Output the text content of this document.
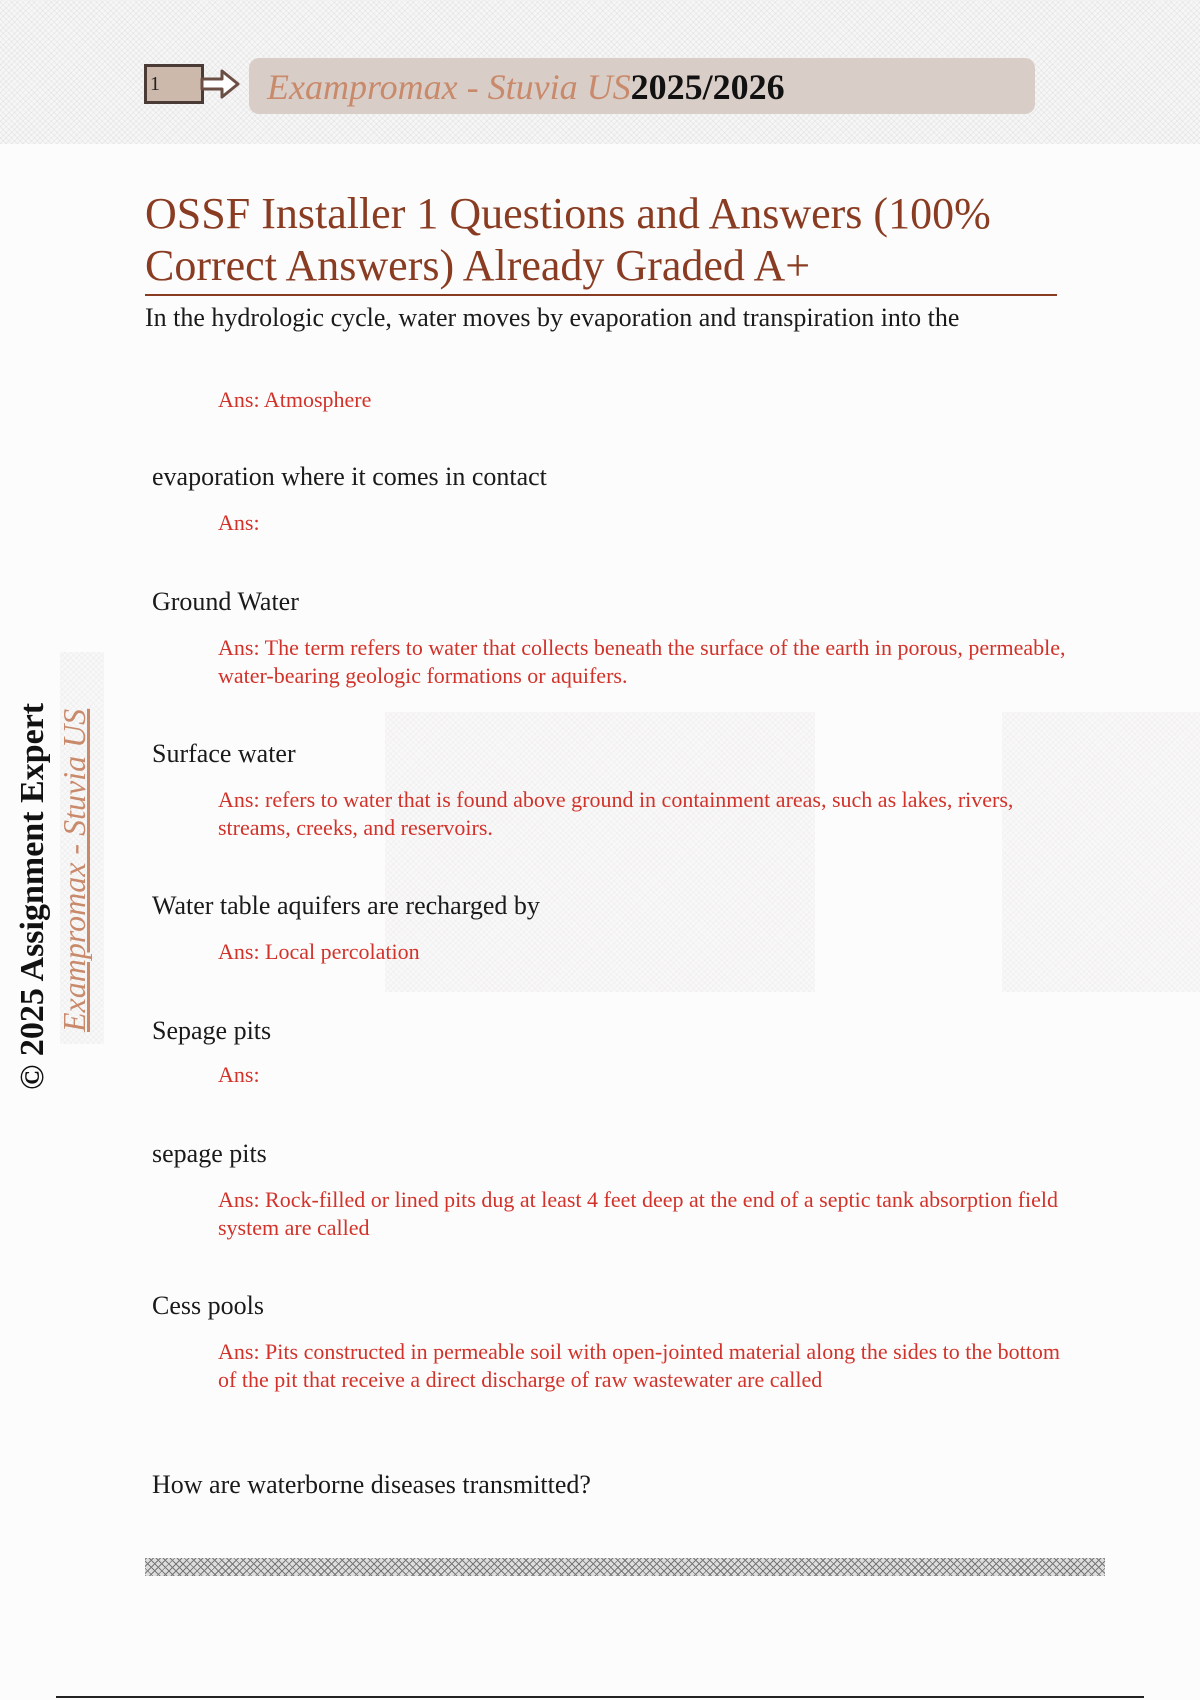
1	Exampromax - Stuvia US2025/2026
OSSF Installer 1 Questions and Answers (100% Correct Answers) Already Graded A+

In the hydrologic cycle, water moves by evaporation and transpiration into the

Ans: Atmosphere

evaporation where it comes in contact

Ans:

Ground Water

Ans: The term refers to water that collects beneath the surface of the earth in porous, permeable, water-bearing geologic formations or aquifers.

Surface water

Ans: refers to water that is found above ground in containment areas, such as lakes, rivers, streams, creeks, and reservoirs.

Water table aquifers are recharged by

Ans: Local percolation

Sepage pits

Ans:

sepage pits

Ans: Rock-filled or lined pits dug at least 4 feet deep at the end of a septic tank absorption field system are called

Cess pools

Ans: Pits constructed in permeable soil with open-jointed material along the sides to the bottom of the pit that receive a direct discharge of raw wastewater are called

How are waterborne diseases transmitted?

© 2025 Assignment Expert Exampromax - Stuvia US
